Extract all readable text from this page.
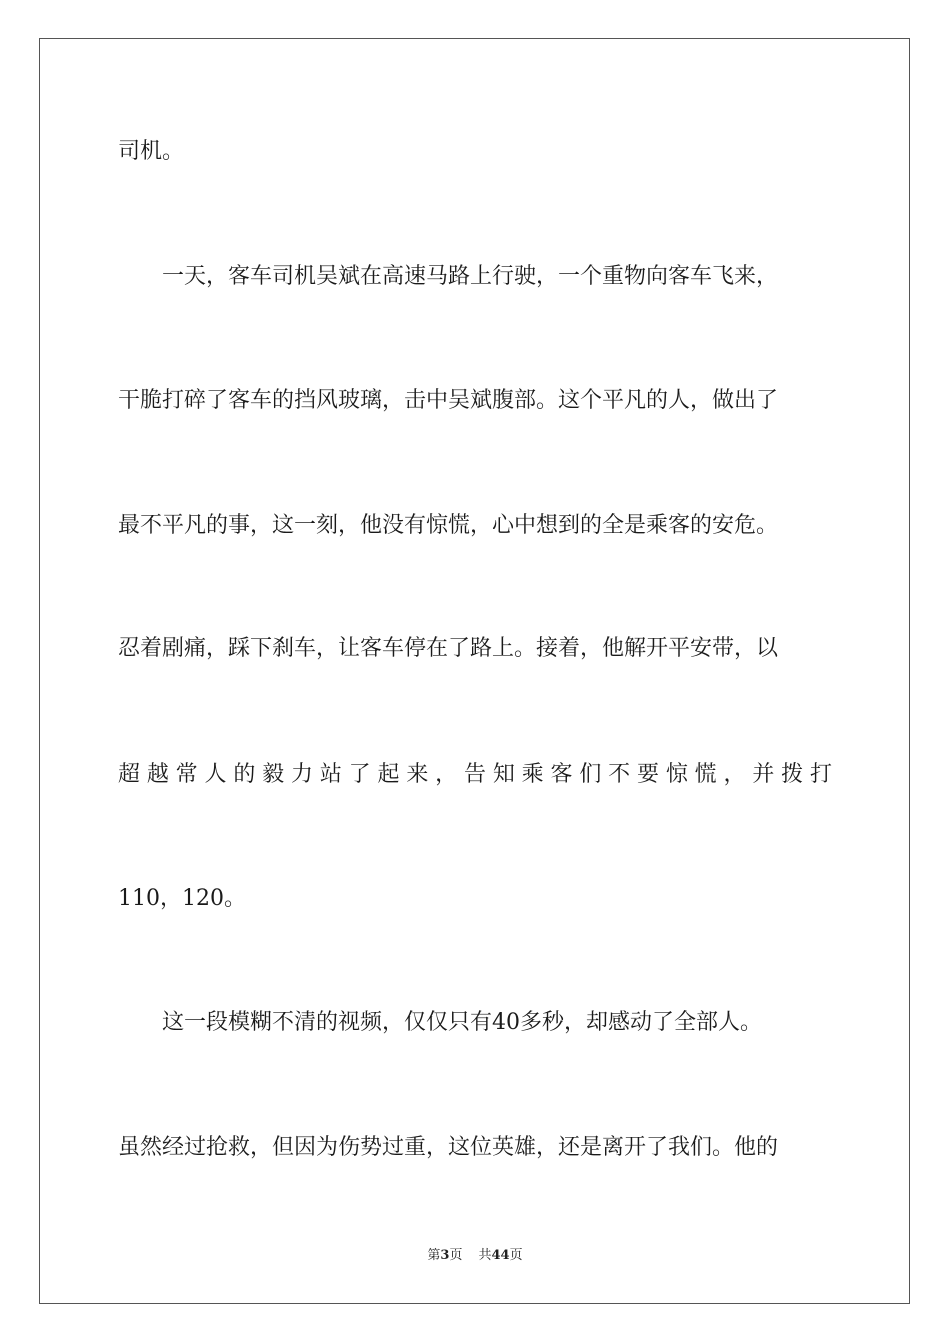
司机。
　　一天，客车司机吴斌在高速马路上行驶，一个重物向客车飞来，
干脆打碎了客车的挡风玻璃，击中吴斌腹部。这个平凡的人，做出了
最不平凡的事，这一刻，他没有惊慌，心中想到的全是乘客的安危。
忍着剧痛，踩下刹车，让客车停在了路上。接着，他解开平安带，以
超越常人的毅力站了起来，告知乘客们不要惊慌，并拨打
110，120。
　　这一段模糊不清的视频，仅仅只有40多秒，却感动了全部人。
虽然经过抢救，但因为伤势过重，这位英雄，还是离开了我们。他的
第3页 共44页
